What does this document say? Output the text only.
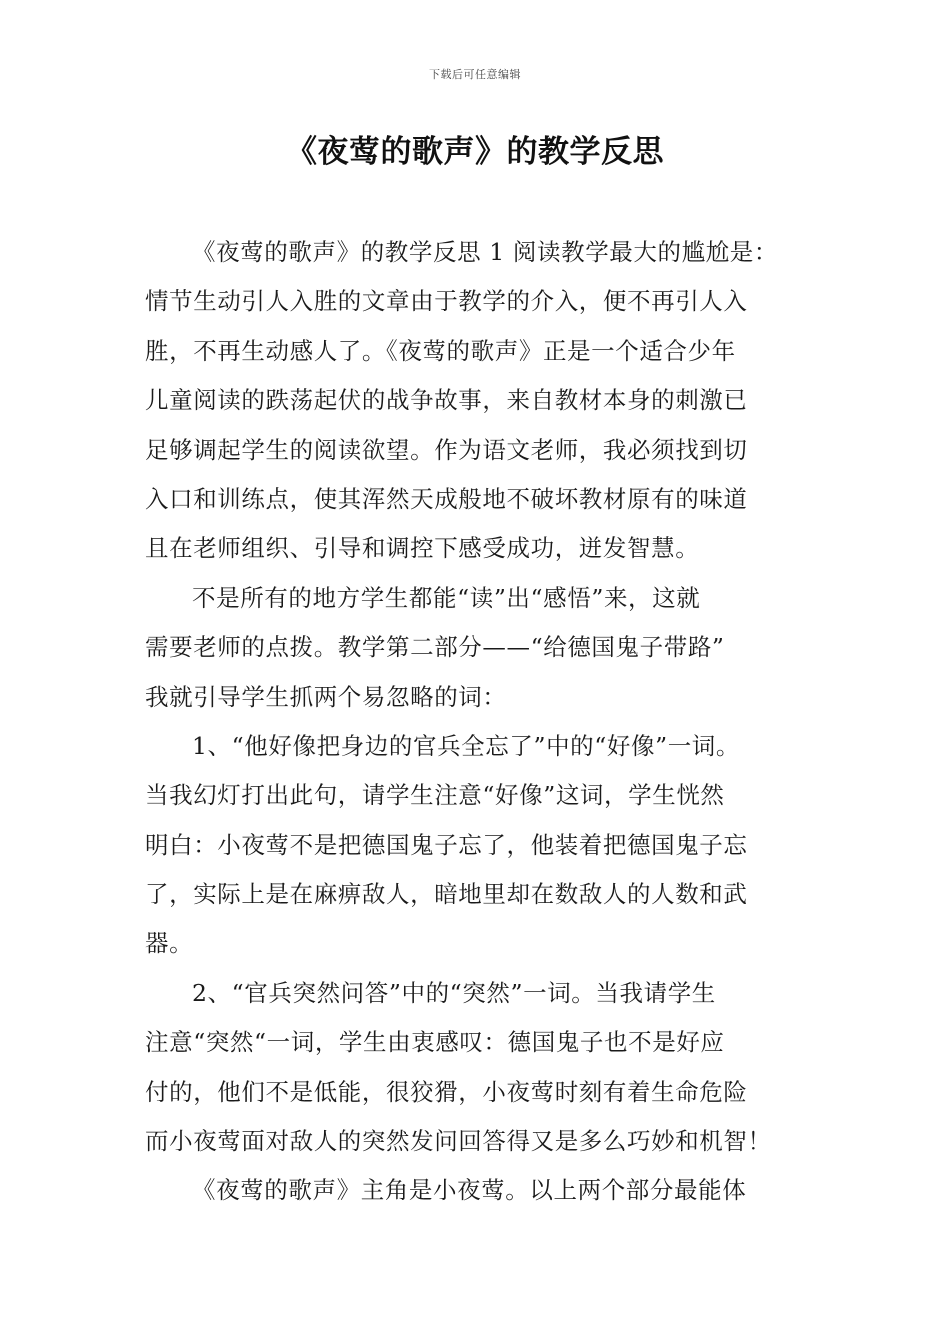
下载后可任意编辑
《夜莺的歌声》的教学反思
《夜莺的歌声》的教学反思 1 阅读教学最大的尴尬是：
情节生动引人入胜的文章由于教学的介入，便不再引人入
胜，不再生动感人了。《夜莺的歌声》正是一个适合少年
儿童阅读的跌荡起伏的战争故事，来自教材本身的刺激已
足够调起学生的阅读欲望。作为语文老师，我必须找到切
入口和训练点，使其浑然天成般地不破坏教材原有的味道
且在老师组织、引导和调控下感受成功，迸发智慧。
不是所有的地方学生都能“读”出“感悟”来，这就
需要老师的点拨。教学第二部分——“给德国鬼子带路”
我就引导学生抓两个易忽略的词：
1、“他好像把身边的官兵全忘了”中的“好像”一词。
当我幻灯打出此句，请学生注意“好像”这词，学生恍然
明白：小夜莺不是把德国鬼子忘了，他装着把德国鬼子忘
了，实际上是在麻痹敌人，暗地里却在数敌人的人数和武
器。
2、“官兵突然问答”中的“突然”一词。当我请学生
注意“突然“一词，学生由衷感叹：德国鬼子也不是好应
付的，他们不是低能，很狡猾，小夜莺时刻有着生命危险
而小夜莺面对敌人的突然发问回答得又是多么巧妙和机智！
《夜莺的歌声》主角是小夜莺。以上两个部分最能体
